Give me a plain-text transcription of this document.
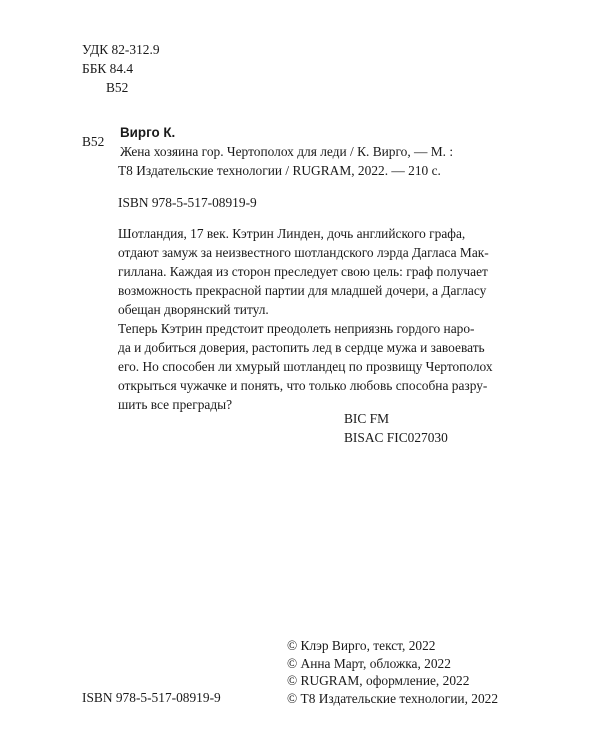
УДК 82-312.9
ББК 84.4
В52
В52
Вирго К.
Жена хозяина гор. Чертополох для леди / К. Вирго, — М. :
Т8 Издательские технологии / RUGRAM, 2022. — 210 с.
ISBN 978-5-517-08919-9
Шотландия, 17 век. Кэтрин Линден, дочь английского графа,
отдают замуж за неизвестного шотландского лэрда Дагласа Мак-
гиллана. Каждая из сторон преследует свою цель: граф получает
возможность прекрасной партии для младшей дочери, а Дагласу
обещан дворянский титул.
Теперь Кэтрин предстоит преодолеть неприязнь гордого наро-
да и добиться доверия, растопить лед в сердце мужа и завоевать
его. Но способен ли хмурый шотландец по прозвищу Чертополох
открыться чужачке и понять, что только любовь способна разру-
шить все преграды?
BIC FM
BISAC FIC027030
© Клэр Вирго, текст, 2022
© Анна Март, обложка, 2022
© RUGRAM, оформление, 2022
© Т8 Издательские технологии, 2022
ISBN 978-5-517-08919-9
